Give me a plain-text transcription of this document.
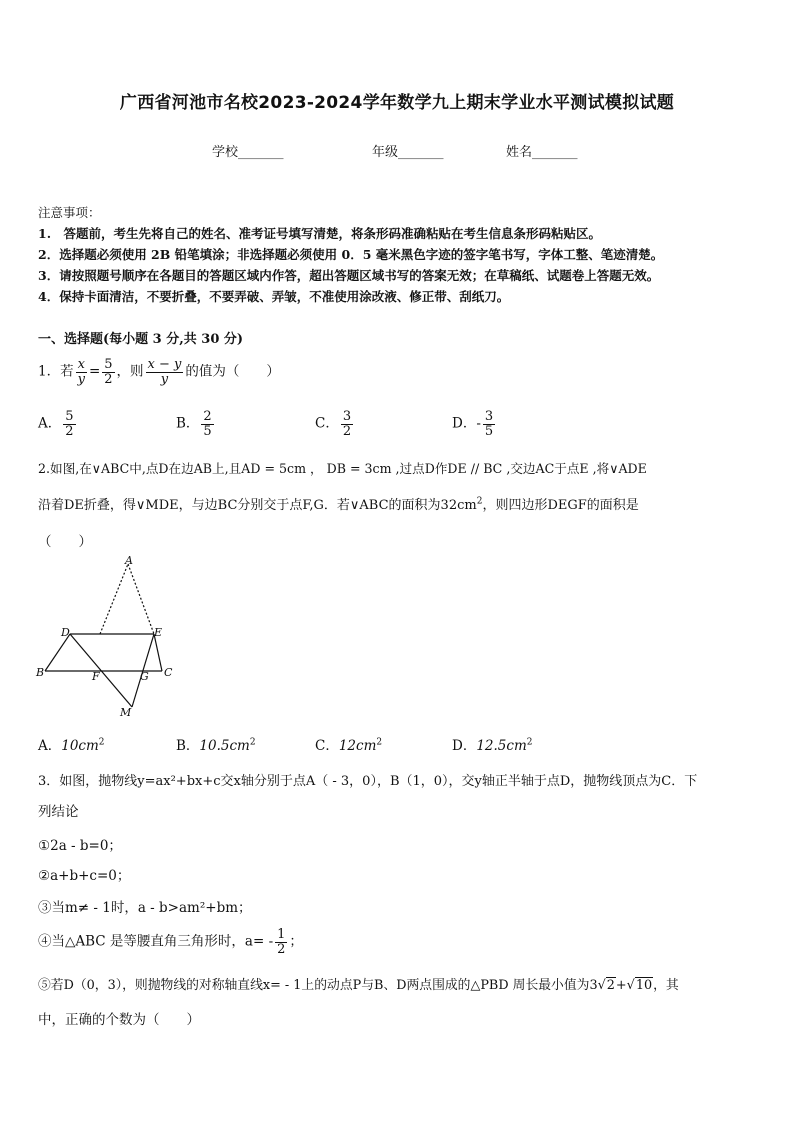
广西省河池市名校2023-2024学年数学九上期末学业水平测试模拟试题
学校_______	年级_______	姓名_______
注意事项：
1.　答题前，考生先将自己的姓名、准考证号填写清楚，将条形码准确粘贴在考生信息条形码粘贴区。
2．选择题必须使用 2B 铅笔填涂；非选择题必须使用 0．5 毫米黑色字迹的签字笔书写，字体工整、笔迹清楚。
3．请按照题号顺序在各题目的答题区域内作答，超出答题区域书写的答案无效；在草稿纸、试题卷上答题无效。
4．保持卡面清洁，不要折叠，不要弄破、弄皱，不准使用涂改液、修正带、刮纸刀。
一、选择题(每小题 3 分,共 30 分)
1．若 $\frac{x}{y} = \frac{5}{2}$ ，则 $\frac{x - y}{y}$ 的值为（　　）
A． $\frac{5}{2}$	B． $\frac{2}{5}$	C． $\frac{3}{2}$	D．- $\frac{3}{5}$
2.如图,在∨ABC中,点D在边AB上,且AD = 5cm ， DB = 3cm ,过点D作DE // BC ,交边AC于点E ,将∨ADE
沿着DE折叠，得∨MDE，与边BC分别交于点F,G．若∨ABC的面积为$32cm^2$，则四边形DEGF的面积是
（　　）
A
D	E
B	F	G C
M
A．$10cm^2$	B．$10.5cm^2$	C．$12cm^2$	D．$12.5cm^2$
3．如图，抛物线y=ax²+bx+c交x轴分别于点A（ - 3，0），B（1，0），交y轴正半轴于点D，抛物线顶点为C．下
列结论
①2a - b=0；
②a+b+c=0；
③当m≠ - 1时，a - b>am²+bm；
④当△ABC 是等腰直角三角形时，$a= - \frac{1}{2}$ ；
⑤若D（0，3），则抛物线的对称轴直线x= - 1上的动点P与B、D两点围成的△PBD 周长最小值为3√2+√10，其
中，正确的个数为（　　）
